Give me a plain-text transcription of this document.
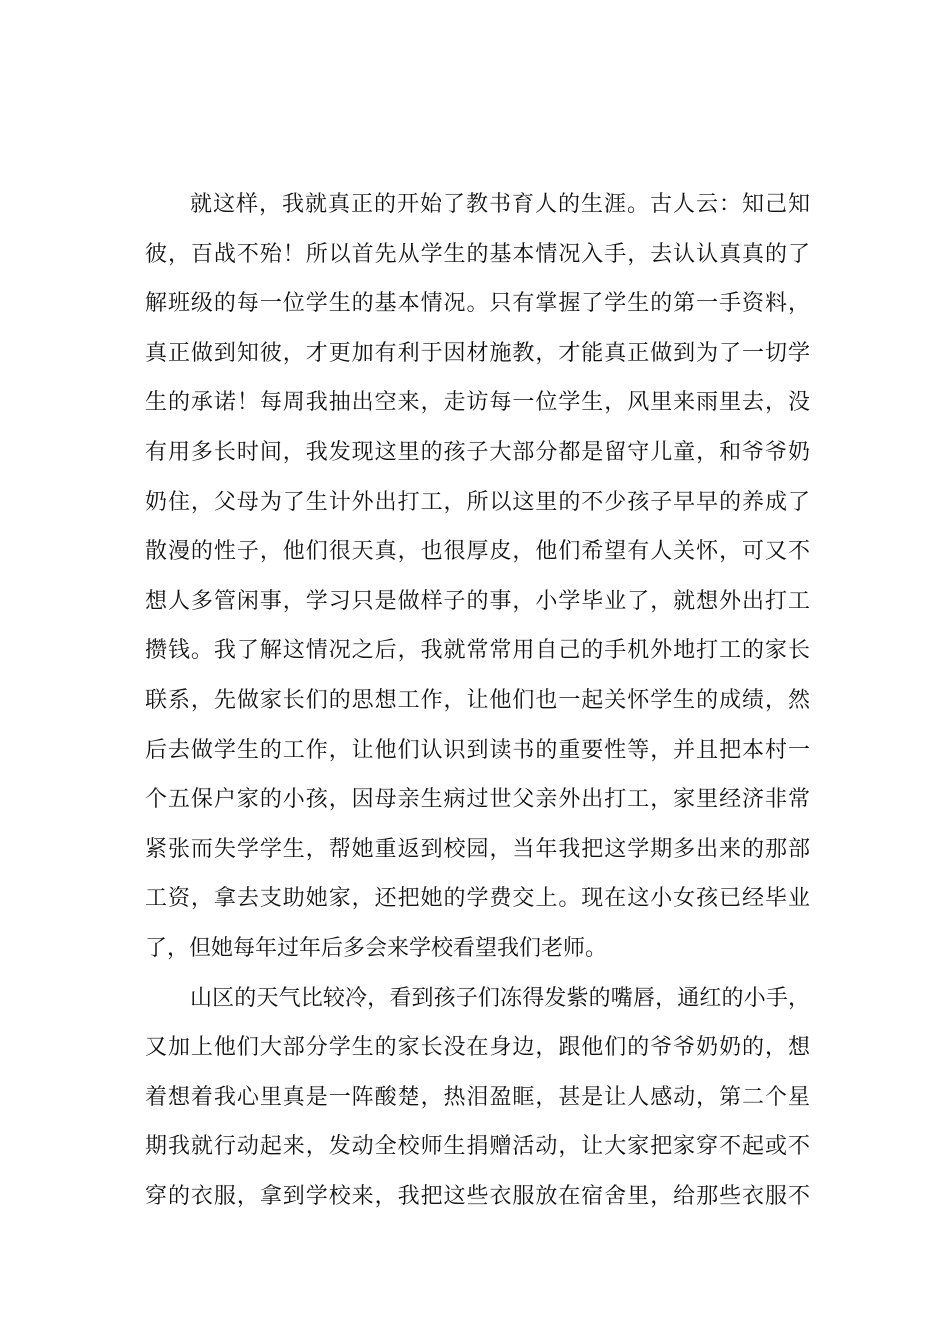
就这样，我就真正的开始了教书育人的生涯。古人云：知己知
彼，百战不殆！所以首先从学生的基本情况入手，去认认真真的了
解班级的每一位学生的基本情况。只有掌握了学生的第一手资料，
真正做到知彼，才更加有利于因材施教，才能真正做到为了一切学
生的承诺！每周我抽出空来，走访每一位学生，风里来雨里去，没
有用多长时间，我发现这里的孩子大部分都是留守儿童，和爷爷奶
奶住，父母为了生计外出打工，所以这里的不少孩子早早的养成了
散漫的性子，他们很天真，也很厚皮，他们希望有人关怀，可又不
想人多管闲事，学习只是做样子的事，小学毕业了，就想外出打工
攒钱。我了解这情况之后，我就常常用自己的手机外地打工的家长
联系，先做家长们的思想工作，让他们也一起关怀学生的成绩，然
后去做学生的工作，让他们认识到读书的重要性等，并且把本村一
个五保户家的小孩，因母亲生病过世父亲外出打工，家里经济非常
紧张而失学学生，帮她重返到校园，当年我把这学期多出来的那部
工资，拿去支助她家，还把她的学费交上。现在这小女孩已经毕业
了，但她每年过年后多会来学校看望我们老师。
山区的天气比较冷，看到孩子们冻得发紫的嘴唇，通红的小手，
又加上他们大部分学生的家长没在身边，跟他们的爷爷奶奶的，想
着想着我心里真是一阵酸楚，热泪盈眶，甚是让人感动，第二个星
期我就行动起来，发动全校师生捐赠活动，让大家把家穿不起或不
穿的衣服，拿到学校来，我把这些衣服放在宿舍里，给那些衣服不
